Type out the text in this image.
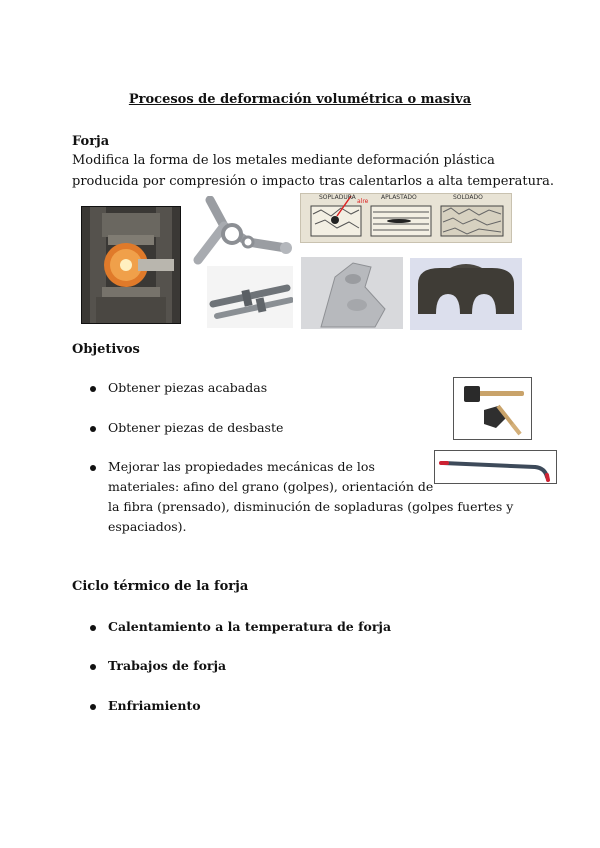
Procesos de deformación volumétrica o masiva
Forja
Modifica la forma de los metales mediante deformación plástica
producida por compresión o impacto tras calentarlos a alta temperatura.
SOPLADURA	APLASTADO	SOLDADO
alre
Objetivos
Obtener piezas acabadas
Obtener piezas de desbaste
Mejorar las propiedades mecánicas de los
materiales: afino del grano (golpes), orientación de
la fibra (prensado), disminución de sopladuras (golpes fuertes y
espaciados).
Ciclo térmico de la forja
Calentamiento a la temperatura de forja
Trabajos de forja
Enfriamiento
